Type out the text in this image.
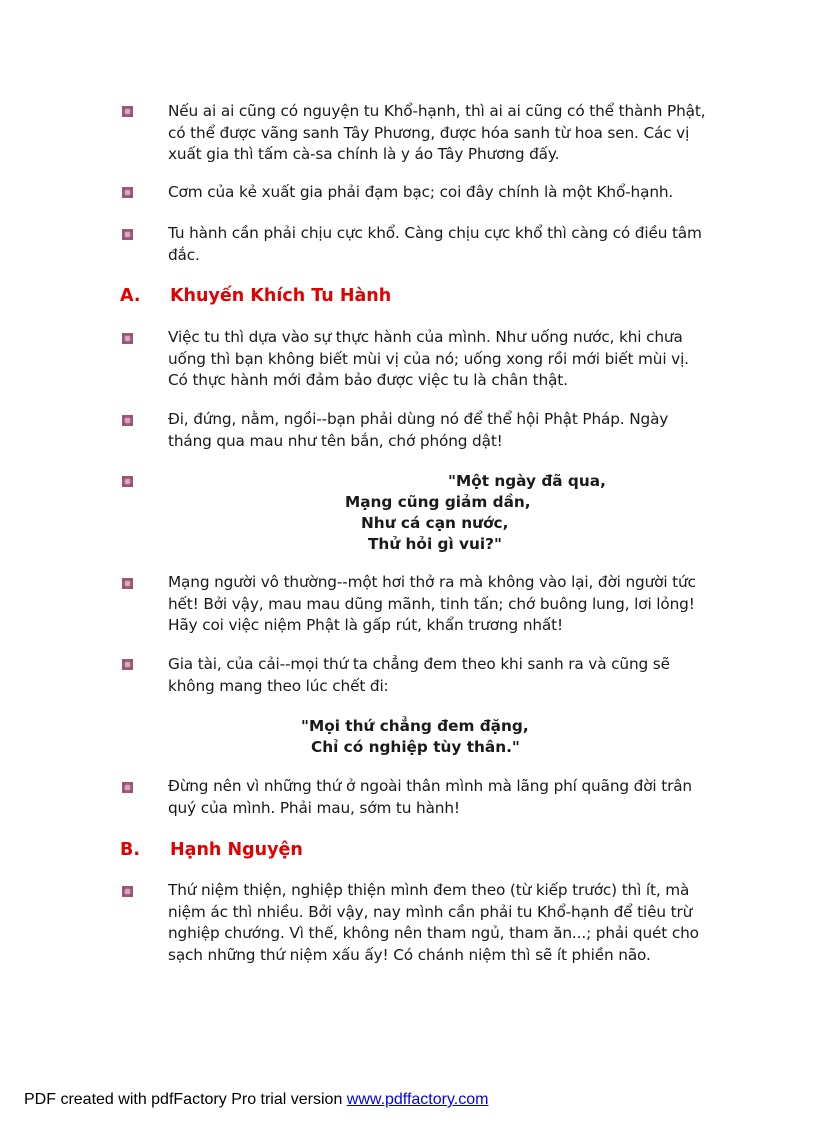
Nếu ai ai cũng có nguyện tu Khổ-hạnh, thì ai ai cũng có thể thành Phật, có thể được vãng sanh Tây Phương, được hóa sanh từ hoa sen. Các vị xuất gia thì tấm cà-sa chính là y áo Tây Phương đấy.

Cơm của kẻ xuất gia phải đạm bạc; coi đây chính là một Khổ-hạnh.

Tu hành cần phải chịu cực khổ. Càng chịu cực khổ thì càng có điều tâm đắc.

A. Khuyến Khích Tu Hành

Việc tu thì dựa vào sự thực hành của mình. Như uống nước, khi chưa uống thì bạn không biết mùi vị của nó; uống xong rồi mới biết mùi vị. Có thực hành mới đảm bảo được việc tu là chân thật.

Đi, đứng, nằm, ngồi--bạn phải dùng nó để thể hội Phật Pháp. Ngày tháng qua mau như tên bắn, chớ phóng dật!

"Một ngày đã qua,
Mạng cũng giảm dần,
Như cá cạn nước,
Thử hỏi gì vui?"

Mạng người vô thường--một hơi thở ra mà không vào lại, đời người tức hết! Bởi vậy, mau mau dũng mãnh, tinh tấn; chớ buông lung, lơi lỏng! Hãy coi việc niệm Phật là gấp rút, khẩn trương nhất!

Gia tài, của cải--mọi thứ ta chẳng đem theo khi sanh ra và cũng sẽ không mang theo lúc chết đi:

"Mọi thứ chẳng đem đặng,
Chỉ có nghiệp tùy thân."

Đừng nên vì những thứ ở ngoài thân mình mà lãng phí quãng đời trân quý của mình. Phải mau, sớm tu hành!

B. Hạnh Nguyện

Thứ niệm thiện, nghiệp thiện mình đem theo (từ kiếp trước) thì ít, mà niệm ác thì nhiều. Bởi vậy, nay mình cần phải tu Khổ-hạnh để tiêu trừ nghiệp chướng. Vì thế, không nên tham ngủ, tham ăn...; phải quét cho sạch những thứ niệm xấu ấy! Có chánh niệm thì sẽ ít phiền não.

PDF created with pdfFactory Pro trial version www.pdffactory.com
